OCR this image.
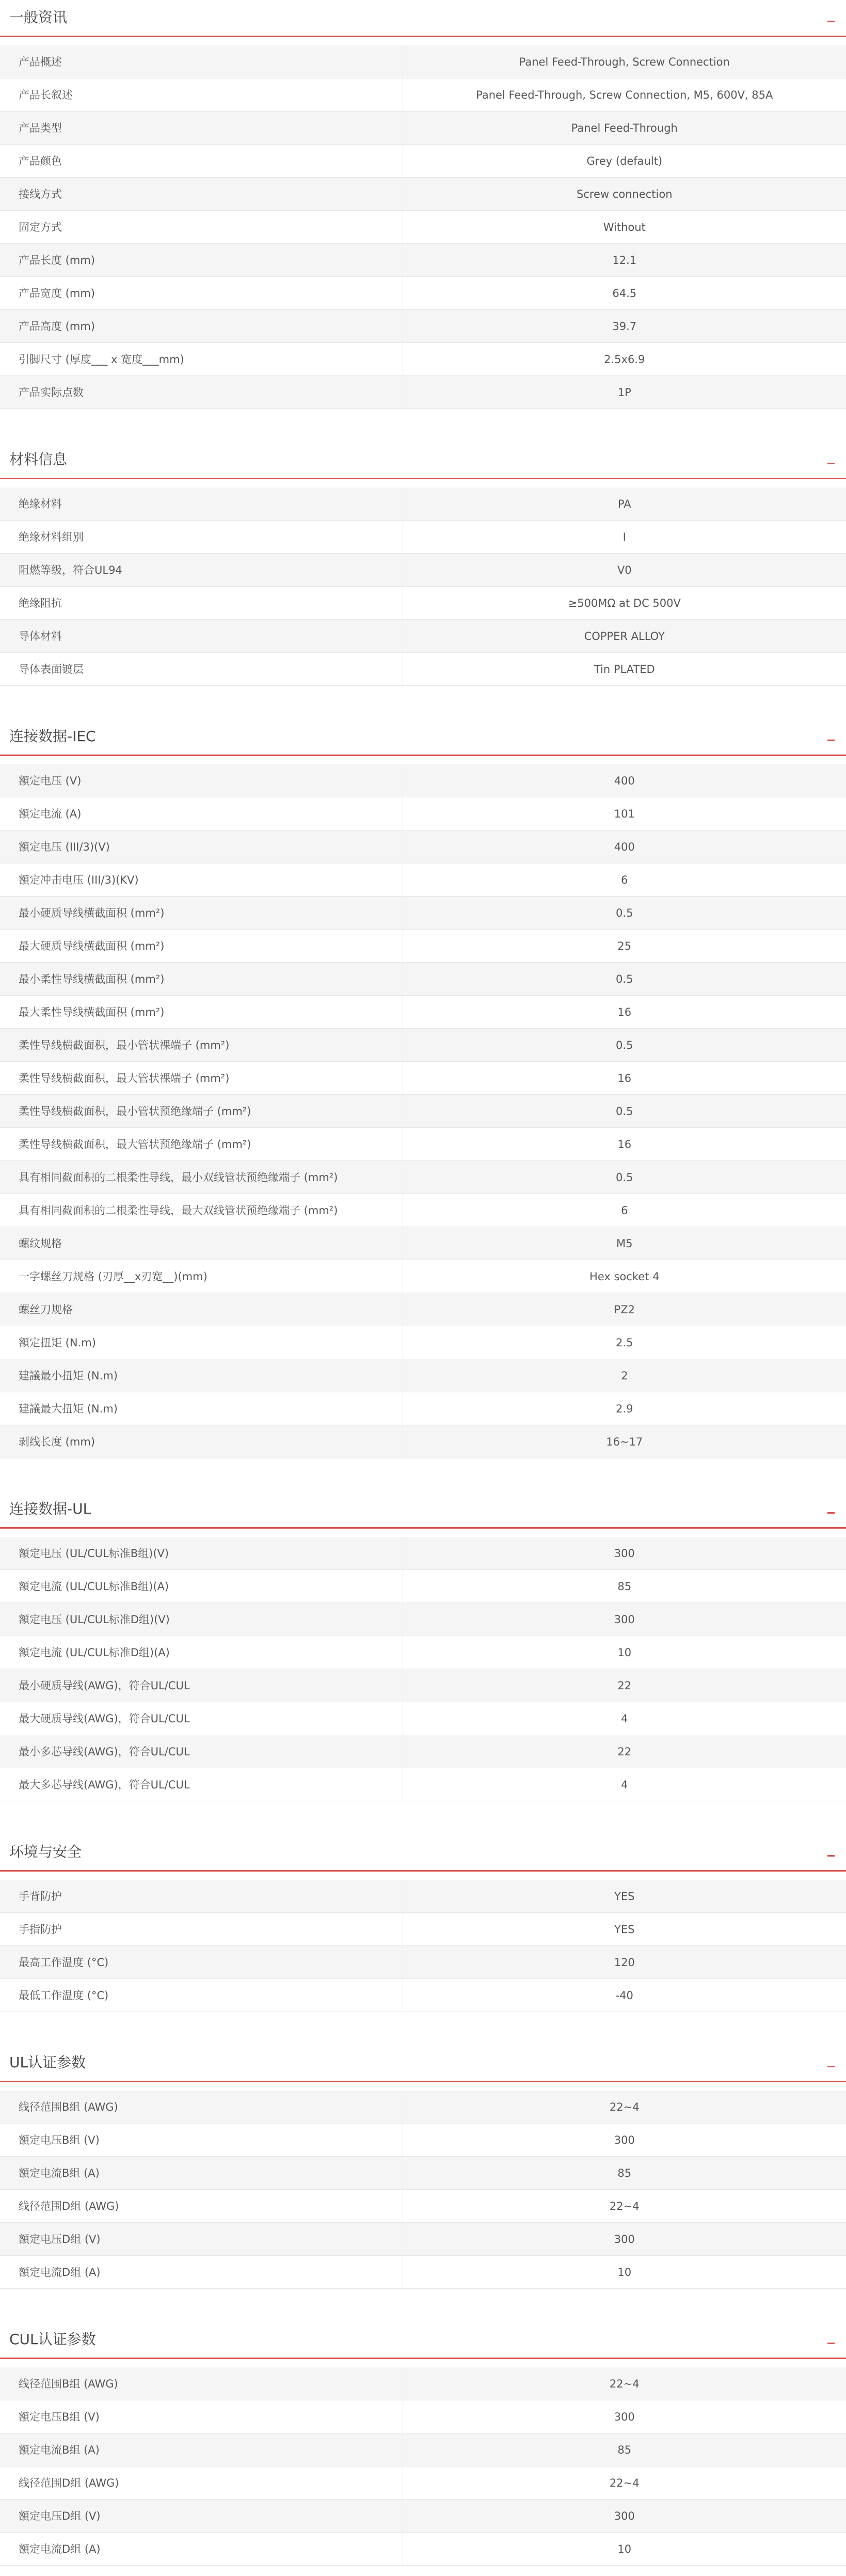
一般资讯
产品概述	Panel Feed-Through, Screw Connection
产品长叙述	Panel Feed-Through, Screw Connection, M5, 600V, 85A
产品类型	Panel Feed-Through
产品颜色	Grey (default)
接线方式	Screw connection
固定方式	Without
产品长度 (mm)	12.1
产品宽度 (mm)	64.5
产品高度 (mm)	39.7
引脚尺寸 (厚度___ x 宽度___mm)	2.5x6.9
产品实际点数	1P
材料信息
绝缘材料	PA
绝缘材料组别	I
阻燃等级，符合UL94	V0
绝缘阻抗	≥500MΩ at DC 500V
导体材料	COPPER ALLOY
导体表面镀层	Tin PLATED
连接数据-IEC
額定电压 (V)	400
額定电流 (A)	101
額定电压 (III/3)(V)	400
額定冲击电压 (III/3)(KV)	6
最小硬质导线横截面积 (mm²)	0.5
最大硬质导线横截面积 (mm²)	25
最小柔性导线横截面积 (mm²)	0.5
最大柔性导线横截面积 (mm²)	16
柔性导线横截面积，最小管状裸端子 (mm²)	0.5
柔性导线横截面积，最大管状裸端子 (mm²)	16
柔性导线横截面积，最小管状预绝缘端子 (mm²)	0.5
柔性导线横截面积，最大管状预绝缘端子 (mm²)	16
具有相同截面积的二根柔性导线，最小双线管状预绝缘端子 (mm²)	0.5
具有相同截面积的二根柔性导线，最大双线管状预绝缘端子 (mm²)	6
螺纹规格	M5
一字螺丝刀规格 (刃厚__x刃宽__)(mm)	Hex socket 4
螺丝刀规格	PZ2
額定扭矩 (N.m)	2.5
建議最小扭矩 (N.m)	2
建議最大扭矩 (N.m)	2.9
剥线长度 (mm)	16~17
连接数据-UL
額定电压 (UL/CUL标准B组)(V)	300
額定电流 (UL/CUL标准B组)(A)	85
額定电压 (UL/CUL标准D组)(V)	300
額定电流 (UL/CUL标准D组)(A)	10
最小硬质导线(AWG)，符合UL/CUL	22
最大硬质导线(AWG)，符合UL/CUL	4
最小多芯导线(AWG)，符合UL/CUL	22
最大多芯导线(AWG)，符合UL/CUL	4
环境与安全
手背防护	YES
手指防护	YES
最高工作温度 (°C)	120
最低工作温度 (°C)	-40
UL认证参数
线径范围B组 (AWG)	22~4
額定电压B组 (V)	300
額定电流B组 (A)	85
线径范围D组 (AWG)	22~4
額定电压D组 (V)	300
額定电流D组 (A)	10
CUL认证参数
线径范围B组 (AWG)	22~4
額定电压B组 (V)	300
額定电流B组 (A)	85
线径范围D组 (AWG)	22~4
額定电压D组 (V)	300
額定电流D组 (A)	10
